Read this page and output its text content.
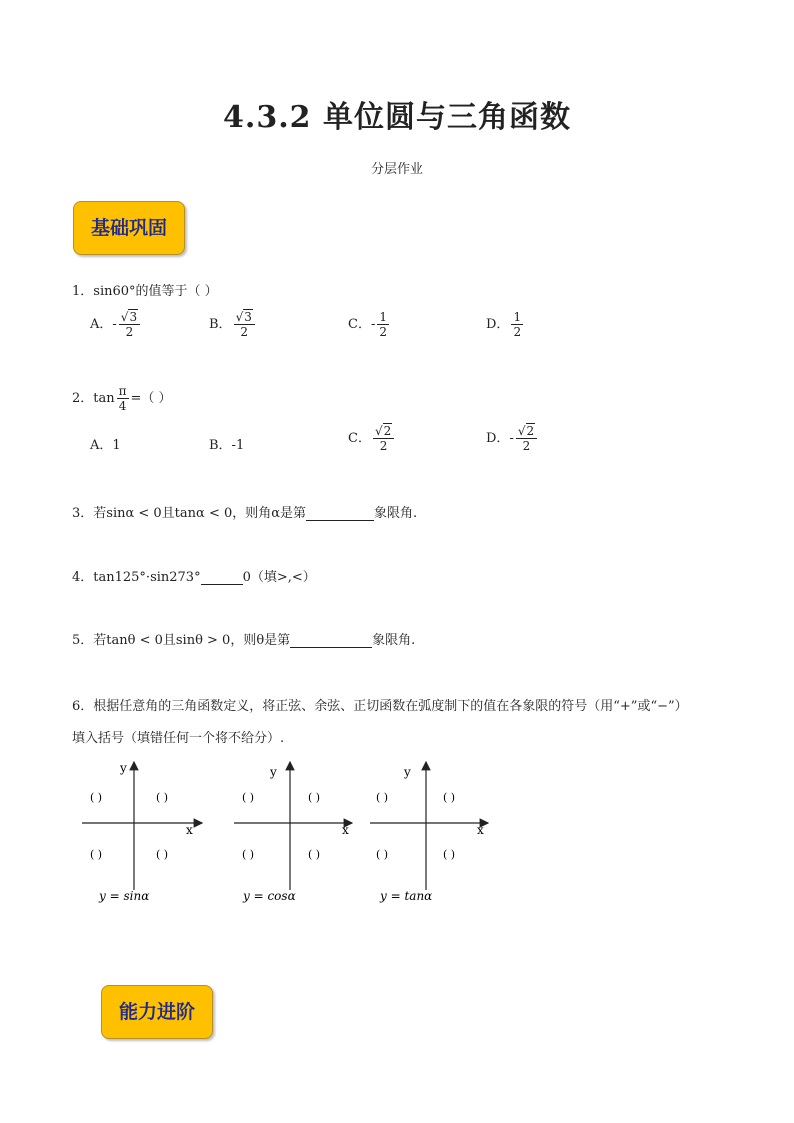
4.3.2 单位圆与三角函数
分层作业
基础巩固
1．sin60°的值等于（ ）
A．- $\frac{√3}{2}$	B． $\frac{√3}{2}$	C．- $\frac{1}{2}$	D． $\frac{1}{2}$
2．$\tan \frac{\pi}{4}$ =（ ）
A．1	B．-1	C． $\frac{√2}{2}$	D．- $\frac{√2}{2}$
3．若sinα < 0且tanα < 0，则角α是第	象限角.
4．tan125°·sin273°	0（填>,<）
5．若tanθ < 0且sinθ > 0，则θ是第	象限角.
6．根据任意角的三角函数定义，将正弦、余弦、正切函数在弧度制下的值在各象限的符号（用“+”或“−”）
填入括号（填错任何一个将不给分）.
y
x
( )	( )
( )	( )
y = sinα
y
x
( )	( )
( )	( )
y = cosα
y
x
( )	( )
( )	( )
y = tanα
能力进阶
